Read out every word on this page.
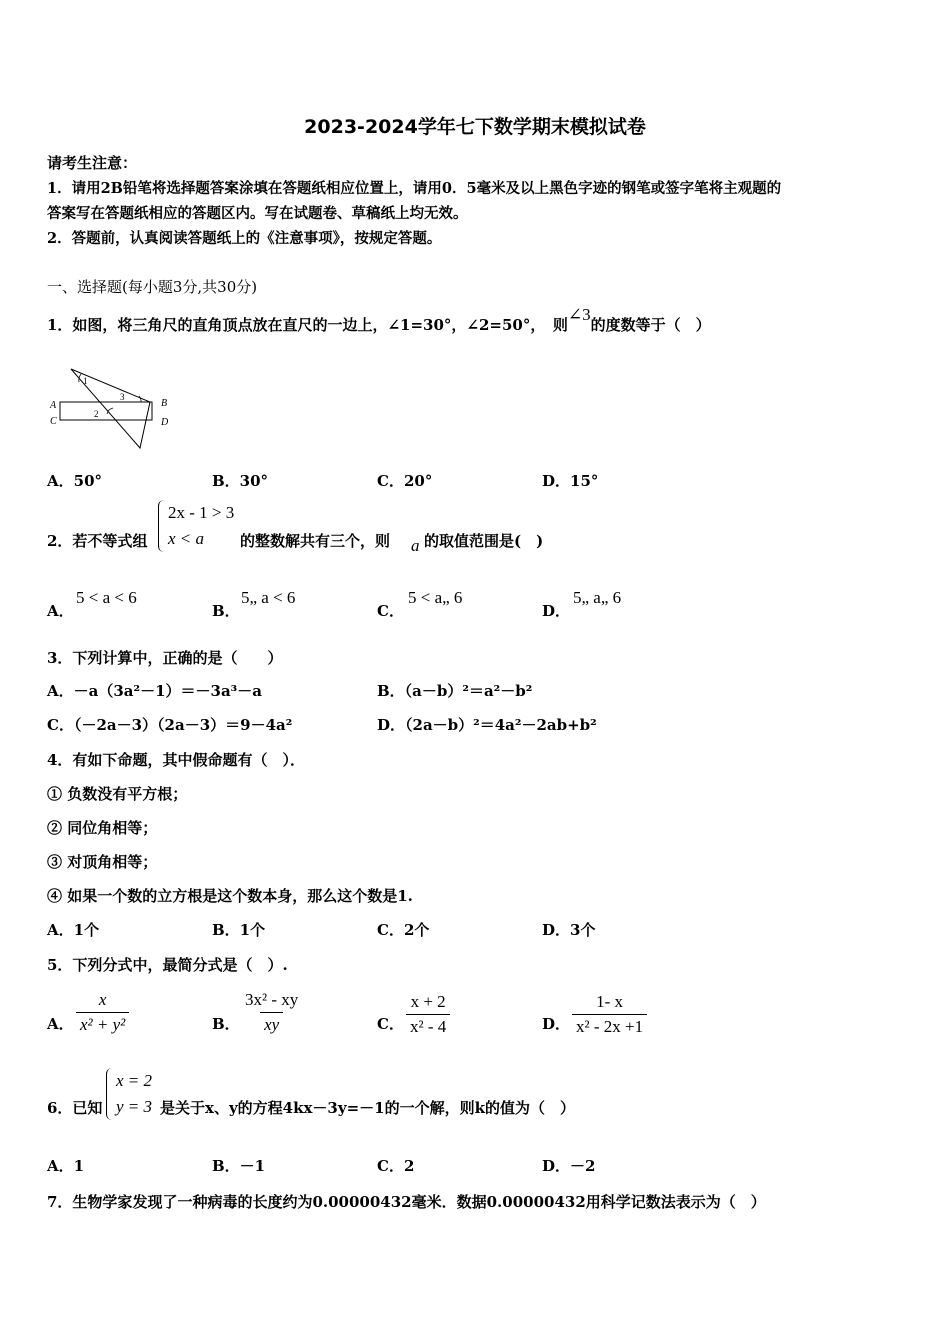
2023-2024学年七下数学期末模拟试卷
请考生注意：
1．请用2B铅笔将选择题答案涂填在答题纸相应位置上，请用0．5毫米及以上黑色字迹的钢笔或签字笔将主观题的
答案写在答题纸相应的答题区内。写在试题卷、草稿纸上均无效。
2．答题前，认真阅读答题纸上的《注意事项》，按规定答题。
一、选择题(每小题3分,共30分)
1．如图，将三角尺的直角顶点放在直尺的一边上，∠1=30°，∠2=50°，　则∠3的度数等于（　）
A
C
1
2
3
B
D
A．50°	B．30°	C．20°	D．15°
2．若不等式组
2x - 1 > 3
x < a	的整数解共有三个，则 a 的取值范围是(　)
A．
5 < a < 6
B．
5„ a < 6
C．
5 < a„ 6
D．
5„ a„ 6
3．下列计算中，正确的是（　　）
A．－a（3a²－1）＝－3a³－a	B．（a－b）²＝a²－b²
C．（－2a－3）（2a－3）＝9－4a²	D．（2a－b）²＝4a²－2ab+b²
4．有如下命题，其中假命题有（　）．
① 负数没有平方根；
② 同位角相等；
③ 对顶角相等；
④ 如果一个数的立方根是这个数本身，那么这个数是1.
A．1个	B．1个	C．2个	D．3个
5．下列分式中，最简分式是（　）.
A． $\frac{x}{\text{x² + y²}}$	B． $\frac{\text{3x² - xy}}{xy}$	C． $\frac{x + 2}{\text{x² - 4}}$	D． $\frac{1- x}{\text{x² - 2x +1}}$
6．已知
x = 2
y = 3 是关于x、y的方程4kx－3y=－1的一个解，则k的值为（　）
A．1	B．－1	C．2	D．－2
7．生物学家发现了一种病毒的长度约为0.00000432毫米．数据0.00000432用科学记数法表示为（　）
